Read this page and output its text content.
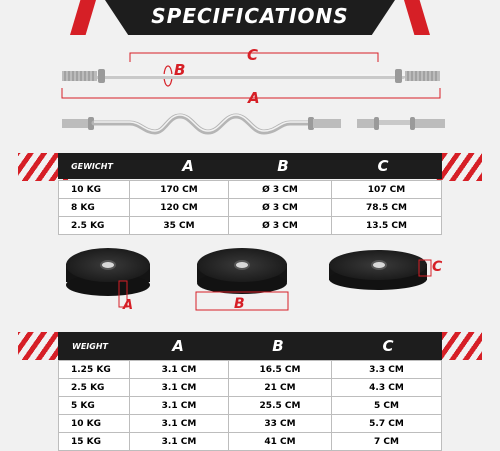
SPECIFICATIONS
C
B
A
GEWICHT	A	B	C
10 KG	170 CM	Ø 3 CM	107 CM
8 KG	120 CM	Ø 3 CM	78.5 CM
2.5 KG	35 CM	Ø 3 CM	13.5 CM
A	B
C
WEIGHT	A	B	C
1.25 KG	3.1 CM	16.5 CM	3.3 CM
2.5 KG	3.1 CM	21 CM	4.3 CM
5 KG	3.1 CM	25.5 CM	5 CM
10 KG	3.1 CM	33 CM	5.7 CM
15 KG	3.1 CM	41 CM	7 CM
